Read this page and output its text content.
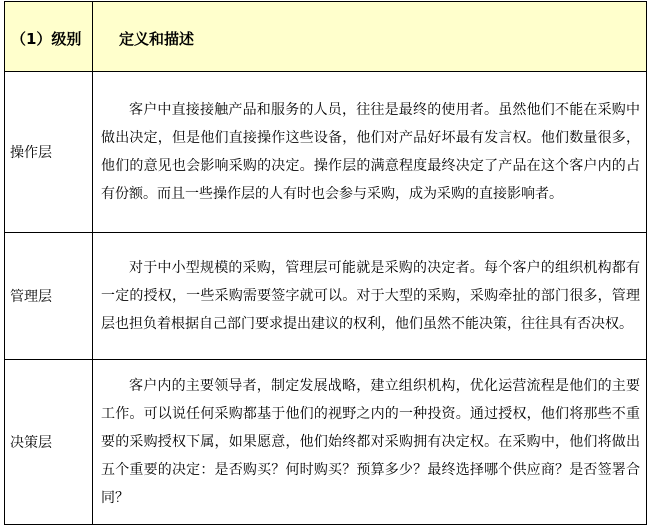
（1）级别	定义和描述
操作层	客户中直接接触产品和服务的人员，往往是最终的使用者。虽然他们不能在采购中做出决定，但是他们直接操作这些设备，他们对产品好坏最有发言权。他们数量很多，他们的意见也会影响采购的决定。操作层的满意程度最终决定了产品在这个客户内的占有份额。而且一些操作层的人有时也会参与采购，成为采购的直接影响者。
管理层	对于中小型规模的采购，管理层可能就是采购的决定者。每个客户的组织机构都有一定的授权，一些采购需要签字就可以。对于大型的采购，采购牵扯的部门很多，管理层也担负着根据自己部门要求提出建议的权利，他们虽然不能决策，往往具有否决权。
决策层	客户内的主要领导者，制定发展战略，建立组织机构，优化运营流程是他们的主要工作。可以说任何采购都基于他们的视野之内的一种投资。通过授权，他们将那些不重要的采购授权下属，如果愿意，他们始终都对采购拥有决定权。在采购中，他们将做出五个重要的决定：是否购买？何时购买？预算多少？最终选择哪个供应商？是否签署合同？
